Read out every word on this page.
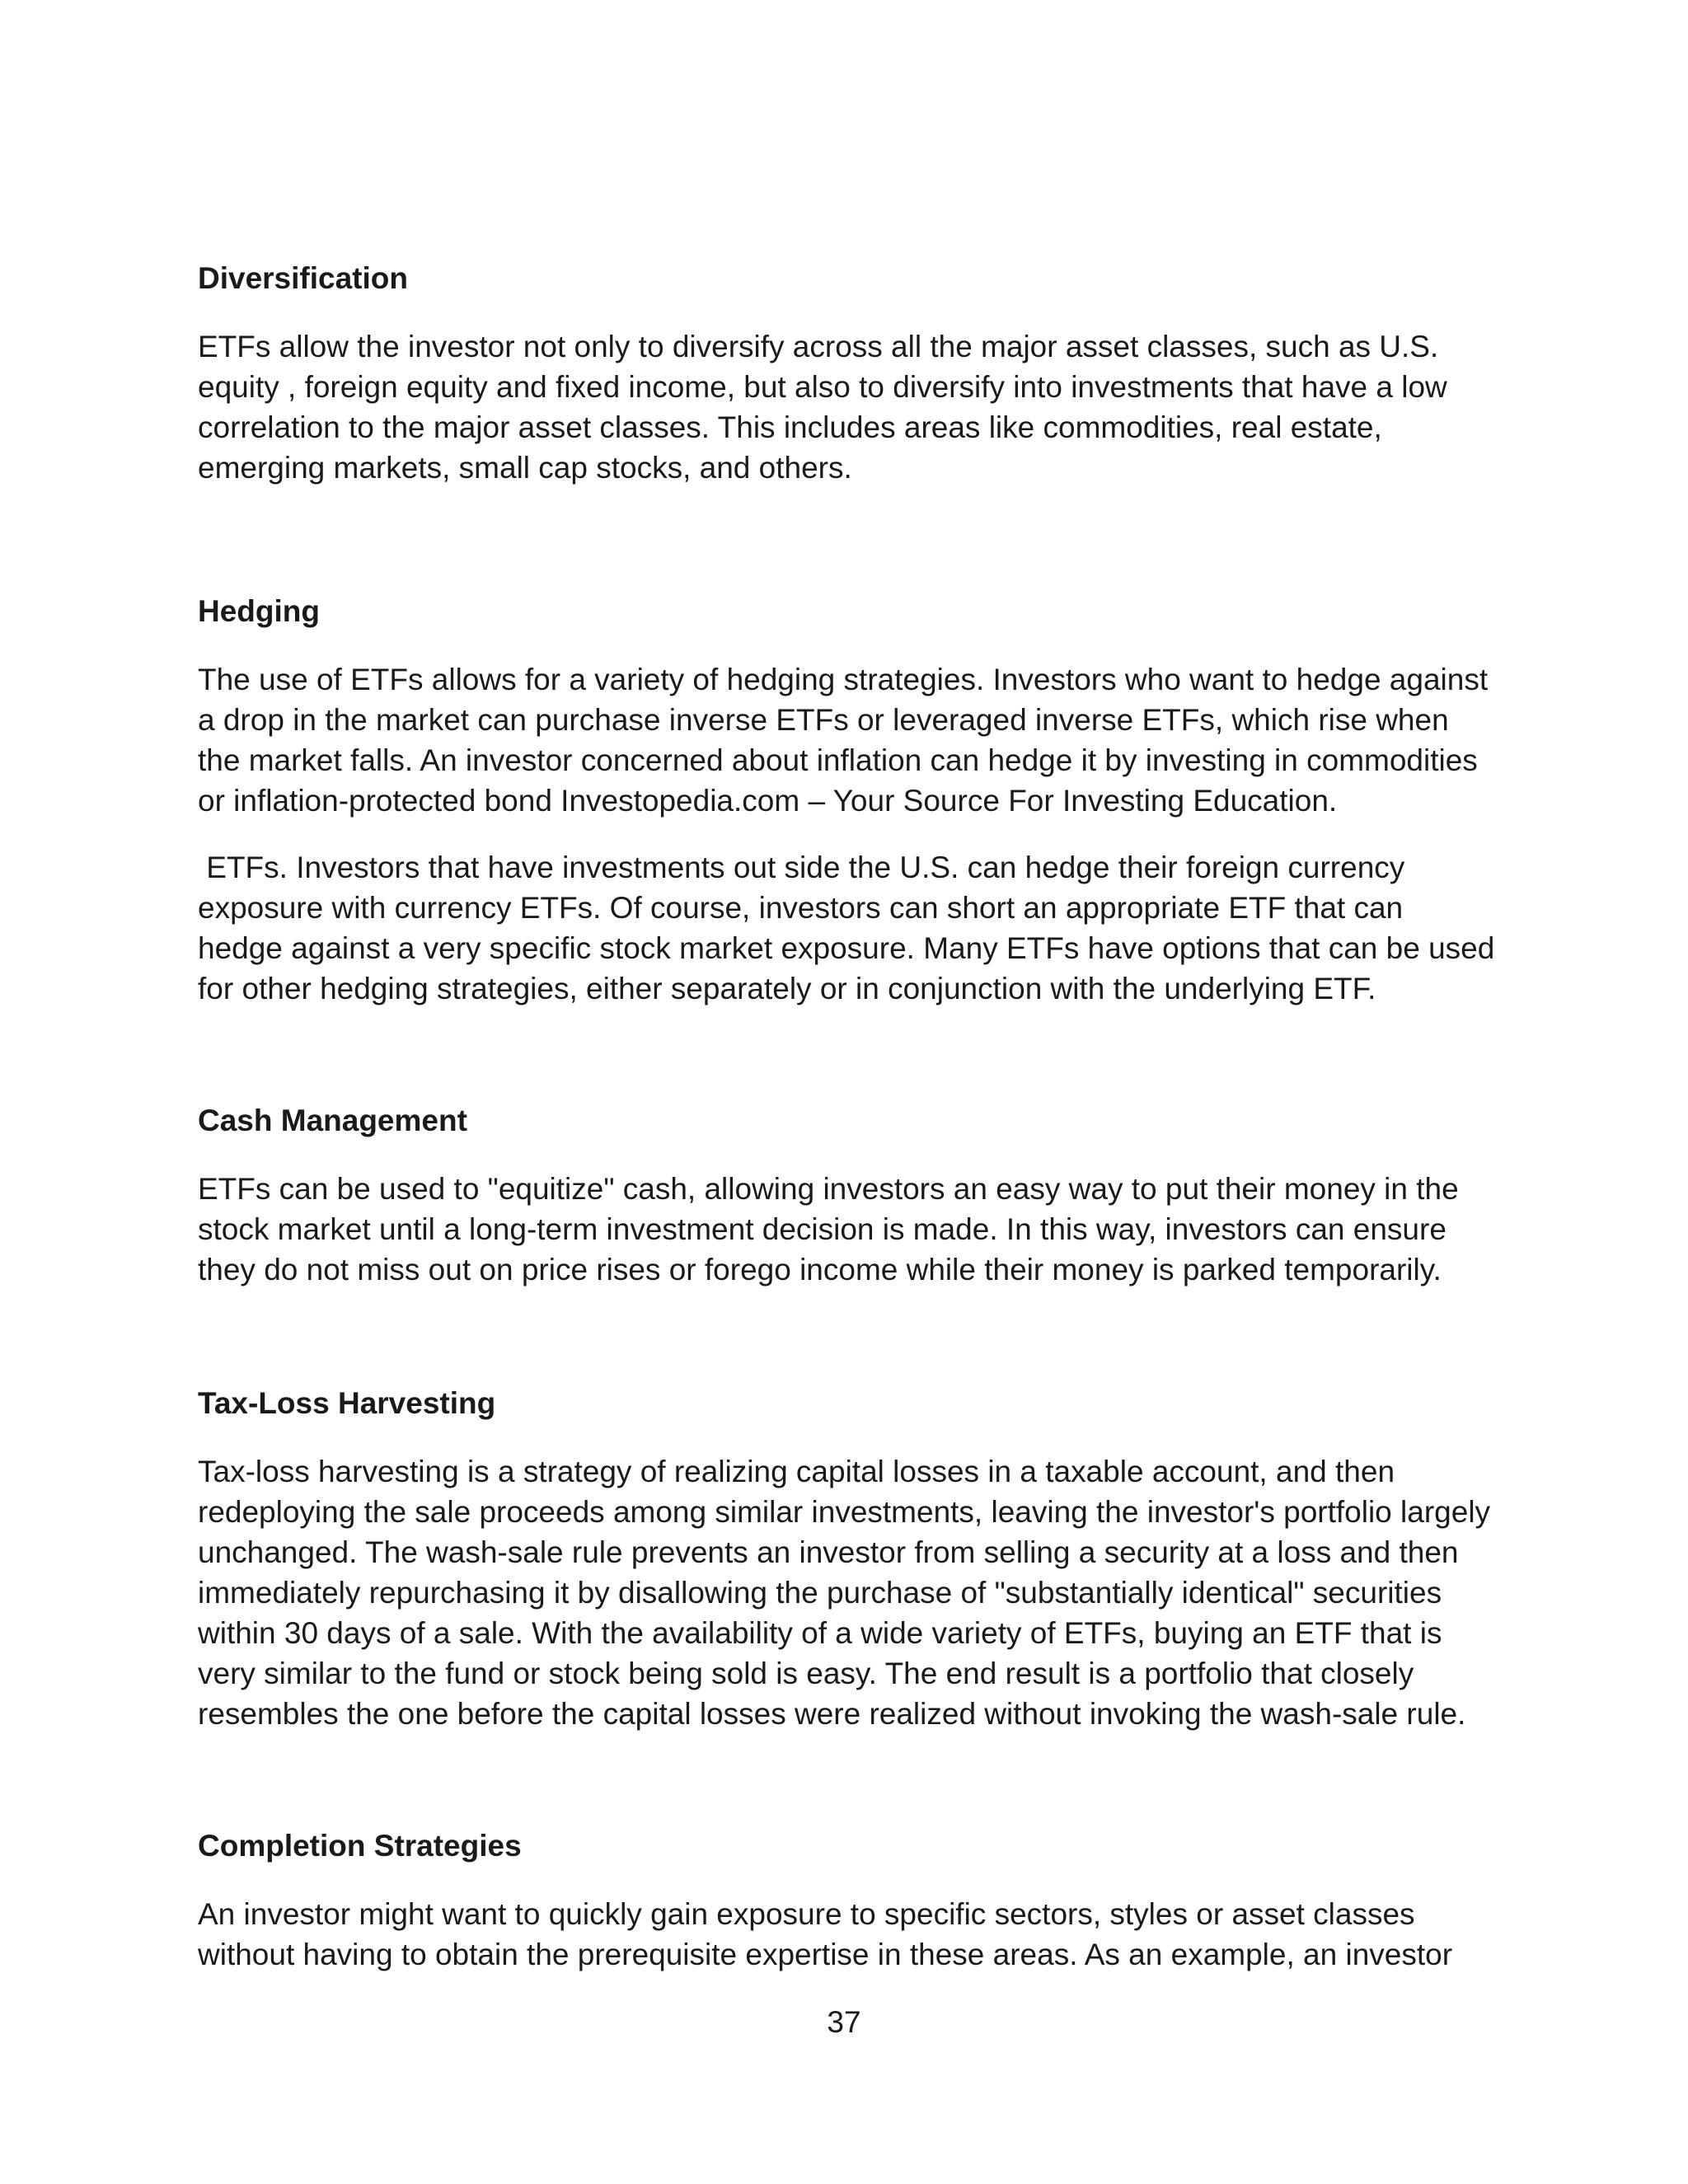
Diversification

ETFs allow the investor not only to diversify across all the major asset classes, such as U.S.
equity , foreign equity and fixed income, but also to diversify into investments that have a low
correlation to the major asset classes. This includes areas like commodities, real estate,
emerging markets, small cap stocks, and others.

Hedging

The use of ETFs allows for a variety of hedging strategies. Investors who want to hedge against
a drop in the market can purchase inverse ETFs or leveraged inverse ETFs, which rise when
the market falls. An investor concerned about inflation can hedge it by investing in commodities
or inflation-protected bond Investopedia.com – Your Source For Investing Education.

ETFs. Investors that have investments out side the U.S. can hedge their foreign currency
exposure with currency ETFs. Of course, investors can short an appropriate ETF that can
hedge against a very specific stock market exposure. Many ETFs have options that can be used
for other hedging strategies, either separately or in conjunction with the underlying ETF.

Cash Management

ETFs can be used to "equitize" cash, allowing investors an easy way to put their money in the
stock market until a long-term investment decision is made. In this way, investors can ensure
they do not miss out on price rises or forego income while their money is parked temporarily.

Tax-Loss Harvesting

Tax-loss harvesting is a strategy of realizing capital losses in a taxable account, and then
redeploying the sale proceeds among similar investments, leaving the investor's portfolio largely
unchanged. The wash-sale rule prevents an investor from selling a security at a loss and then
immediately repurchasing it by disallowing the purchase of "substantially identical" securities
within 30 days of a sale. With the availability of a wide variety of ETFs, buying an ETF that is
very similar to the fund or stock being sold is easy. The end result is a portfolio that closely
resembles the one before the capital losses were realized without invoking the wash-sale rule.

Completion Strategies

An investor might want to quickly gain exposure to specific sectors, styles or asset classes
without having to obtain the prerequisite expertise in these areas. As an example, an investor

37
